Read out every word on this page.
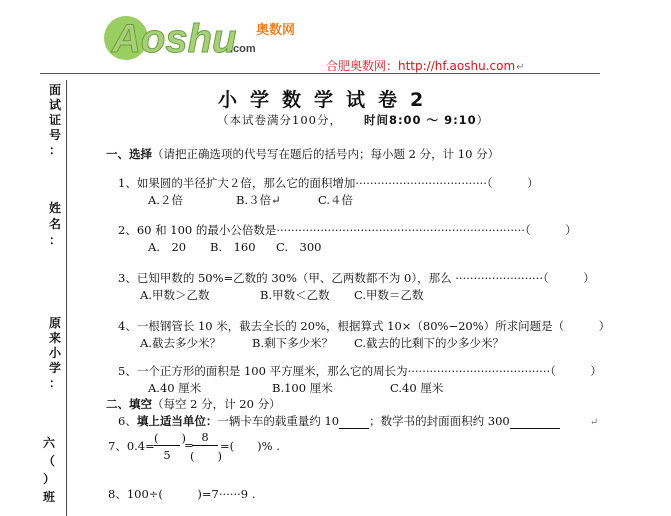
Aoshu 奥数网
.com
合肥奥数网：http://hf.aoshu.com↵
面
试
证
号
：
姓
名
：
原
来
小
学
：
六
（
）
班
小学数学试卷2
（本试卷满分100分， 时间8:00 ～ 9:10）
一、选择（请把正确选项的代号写在题后的括号内；每小题 2 分，计 10 分）
1、如果圆的半径扩大２倍，那么它的面积增加····································（　　　）
A.２倍	B.３倍↵	C.４倍
2、60 和 100 的最小公倍数是····································································（　　　）
A.　20 B.　160 C.　300
3、已知甲数的 50%=乙数的 30%（甲、乙两数都不为 0），那么 ························（　　　）
A.甲数＞乙数	B.甲数＜乙数 C.甲数＝乙数
4、一根钢管长 10 米，截去全长的 20%，根据算式 10×（80%−20%）所求问题是（　　　）
A.截去多少米？	B.剩下多少米？ C.截去的比剩下的少多少米？
5、一个正方形的面积是 100 平方厘米，那么它的周长为·······································（　　　）
A.40 厘米	B.100 厘米	C.40 厘米
二、填空（每空 2 分，计 20 分）
6、填上适当单位：一辆卡车的载重量约 10	；数学书的封面面积约 300	↵
7、0.4=
(　　)
5
=
8
(　　)
=(　　)% .
8、100÷(　　　)=7······9 .
